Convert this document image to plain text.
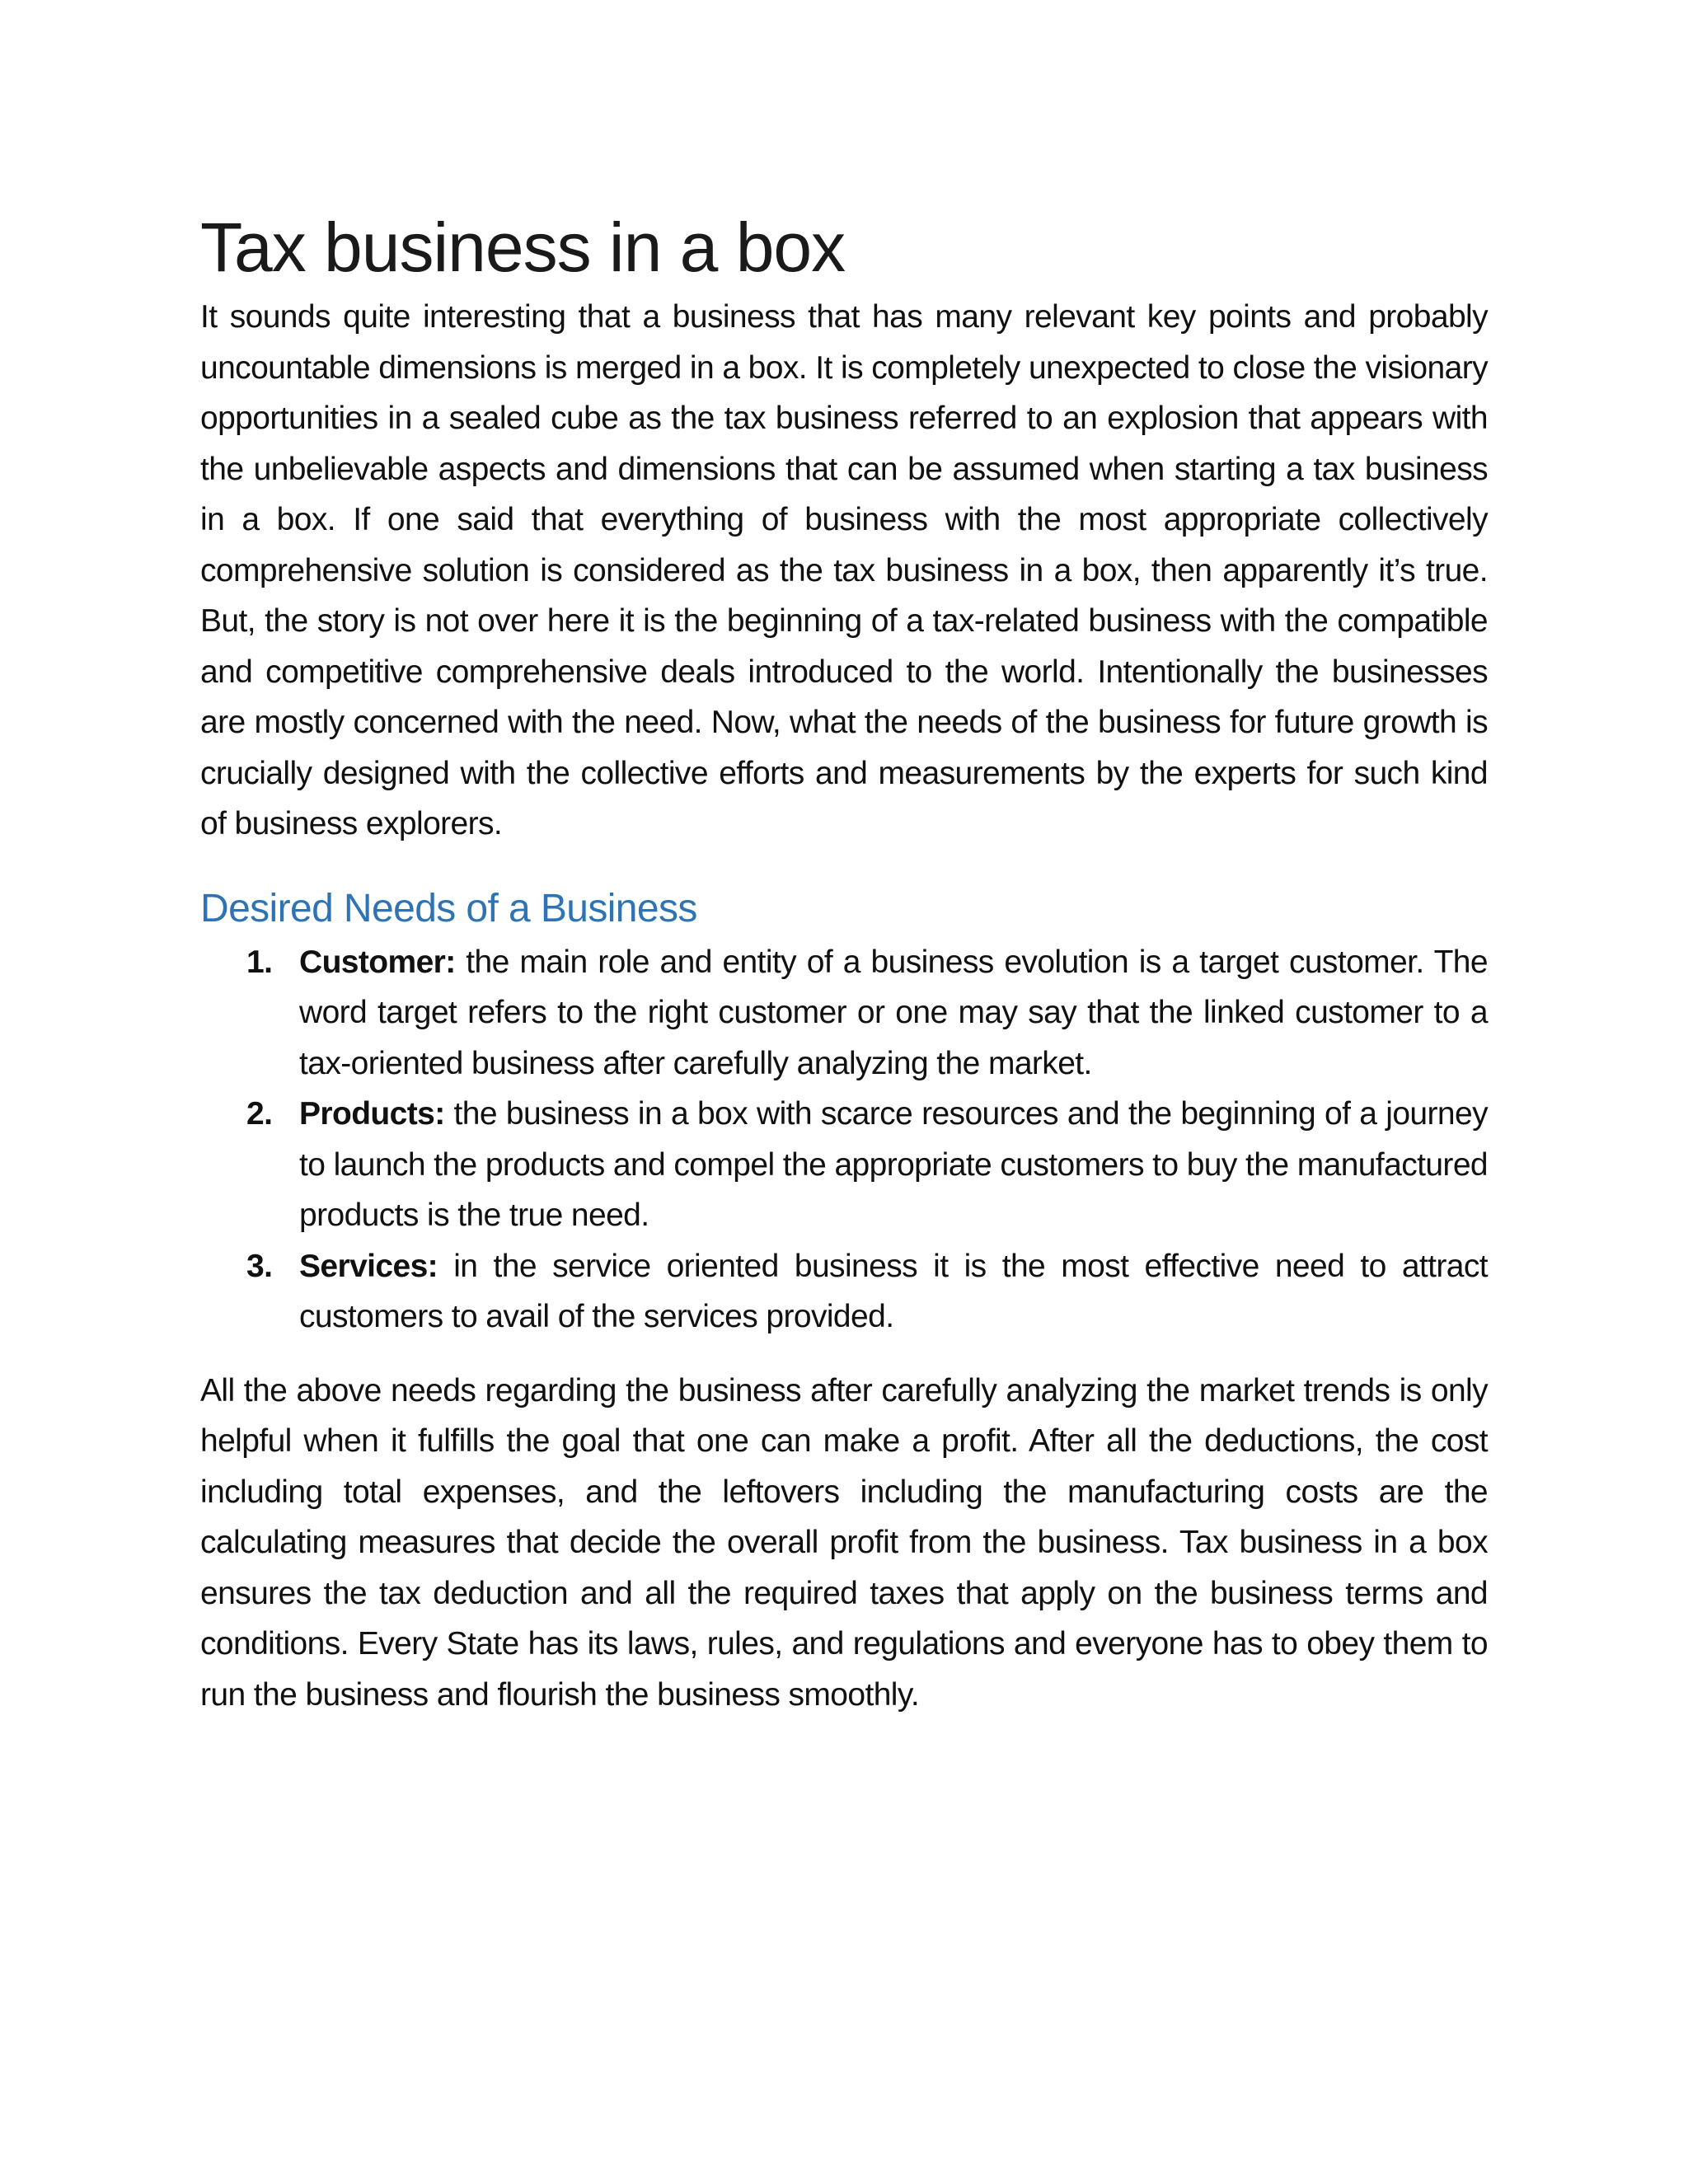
Tax business in a box

It sounds quite interesting that a business that has many relevant key points and probably uncountable dimensions is merged in a box. It is completely unexpected to close the visionary opportunities in a sealed cube as the tax business referred to an explosion that appears with the unbelievable aspects and dimensions that can be assumed when starting a tax business in a box. If one said that everything of business with the most appropriate collectively comprehensive solution is considered as the tax business in a box, then apparently it’s true. But, the story is not over here it is the beginning of a tax-related business with the compatible and competitive comprehensive deals introduced to the world. Intentionally the businesses are mostly concerned with the need. Now, what the needs of the business for future growth is crucially designed with the collective efforts and measurements by the experts for such kind of business explorers.

Desired Needs of a Business
1. Customer: the main role and entity of a business evolution is a target customer. The word target refers to the right customer or one may say that the linked customer to a tax-oriented business after carefully analyzing the market.
2. Products: the business in a box with scarce resources and the beginning of a journey to launch the products and compel the appropriate customers to buy the manufactured products is the true need.
3. Services: in the service oriented business it is the most effective need to attract customers to avail of the services provided.

All the above needs regarding the business after carefully analyzing the market trends is only helpful when it fulfills the goal that one can make a profit. After all the deductions, the cost including total expenses, and the leftovers including the manufacturing costs are the calculating measures that decide the overall profit from the business. Tax business in a box ensures the tax deduction and all the required taxes that apply on the business terms and conditions. Every State has its laws, rules, and regulations and everyone has to obey them to run the business and flourish the business smoothly.
